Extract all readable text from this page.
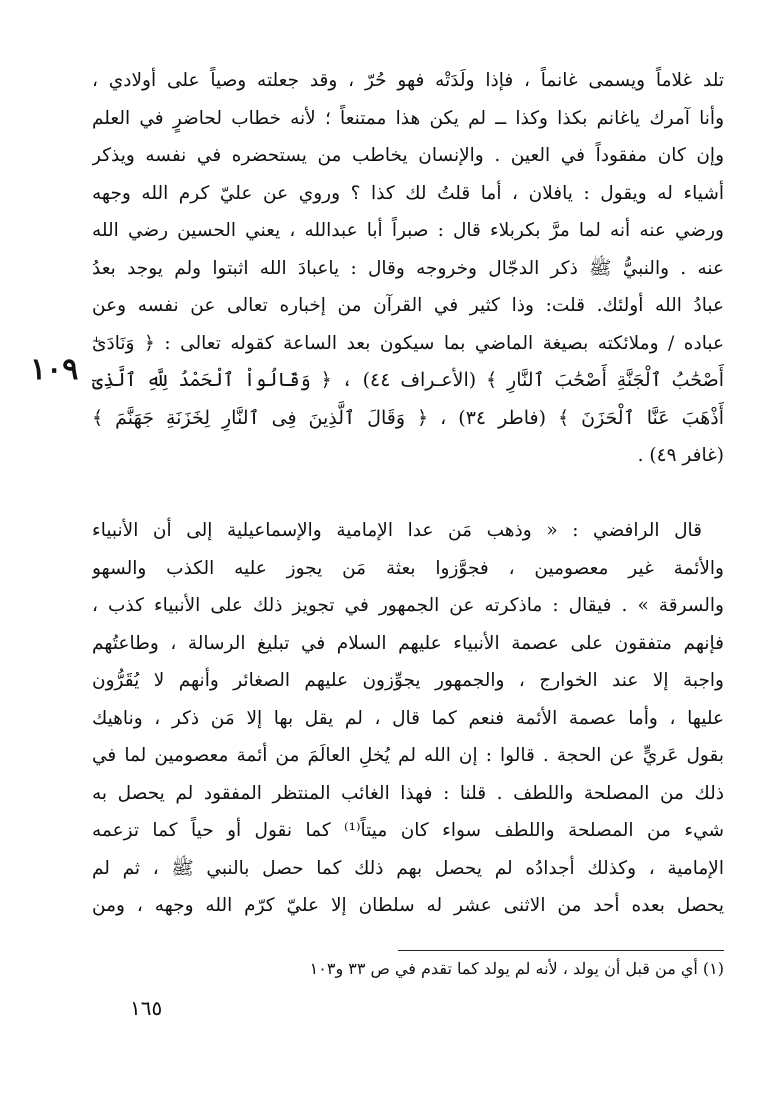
١٠٩
تلد غلاماً ويسمى غانماً ، فإذا ولَدَتْه فهو حُرّ ، وقد جعلته وصياً على أولادي ،
وأنا آمرك ياغانم بكذا وكذا ــ لم يكن هذا ممتنعاً ؛ لأنه خطاب لحاضرٍ في العلم
وإن كان مفقوداً في العين . والإنسان يخاطب من يستحضره في نفسه ويذكر
أشياء له ويقول : يافلان ، أما قلتُ لك كذا ؟ وروي عن عليّ كرم الله وجهه
ورضي عنه أنه لما مرَّ بكربلاء قال : صبراً أبا عبدالله ، يعني الحسين رضي الله
عنه . والنبيُّ ﷺ ذكر الدجّال وخروجه وقال : ياعبادَ الله اثبتوا ولم يوجد بعدُ
عبادُ الله أولئك. قلت: وذا كثير في القرآن من إخباره تعالى عن نفسه وعن
عباده / وملائكته بصيغة الماضي بما سيكون بعد الساعة كقوله تعالى : ﴿ وَنَادَىٰٓ
أَصْحَٰبُ ٱلْجَنَّةِ أَصْحَٰبَ ٱلنَّارِ ﴾ (الأعـراف ٤٤) ، ﴿ وَقَالُواْ ٱلْحَمْدُ لِلَّهِ ٱلَّذِىٓ
أَذْهَبَ عَنَّا ٱلْحَزَنَ ﴾ (فاطر ٣٤) ، ﴿ وَقَالَ ٱلَّذِينَ فِى ٱلنَّارِ لِخَزَنَةِ جَهَنَّمَ ﴾
(غافر ٤٩) .
قال الرافضي : « وذهب مَن عدا الإمامية والإسماعيلية إلى أن الأنبياء
والأئمة غير معصومين ، فجوَّزوا بعثة مَن يجوز عليه الكذب والسهو
والسرقة » . فيقال : ماذكرته عن الجمهور في تجويز ذلك على الأنبياء كذب ،
فإنهم متفقون على عصمة الأنبياء عليهم السلام في تبليغ الرسالة ، وطاعتُهم
واجبة إلا عند الخوارج ، والجمهور يجوِّزون عليهم الصغائر وأنهم لا يُقَرُّون
عليها ، وأما عصمة الأئمة فنعم كما قال ، لم يقل بها إلا مَن ذكر ، وناهيك
بقول عَريٍّ عن الحجة . قالوا : إن الله لم يُخلِ العالَمَ من أئمة معصومين لما في
ذلك من المصلحة واللطف . قلنا : فهذا الغائب المنتظر المفقود لم يحصل به
شيء من المصلحة واللطف سواء كان ميتاً⁽¹⁾ كما نقول أو حياً كما تزعمه
الإمامية ، وكذلك أجدادُه لم يحصل بهم ذلك كما حصل بالنبي ﷺ ، ثم لم
يحصل بعده أحد من الاثنى عشر له سلطان إلا عليّ كرّم الله وجهه ، ومن
(١) أي من قبل أن يولد ، لأنه لم يولد كما تقدم في ص ٣٣ و١٠٣
١٦٥
